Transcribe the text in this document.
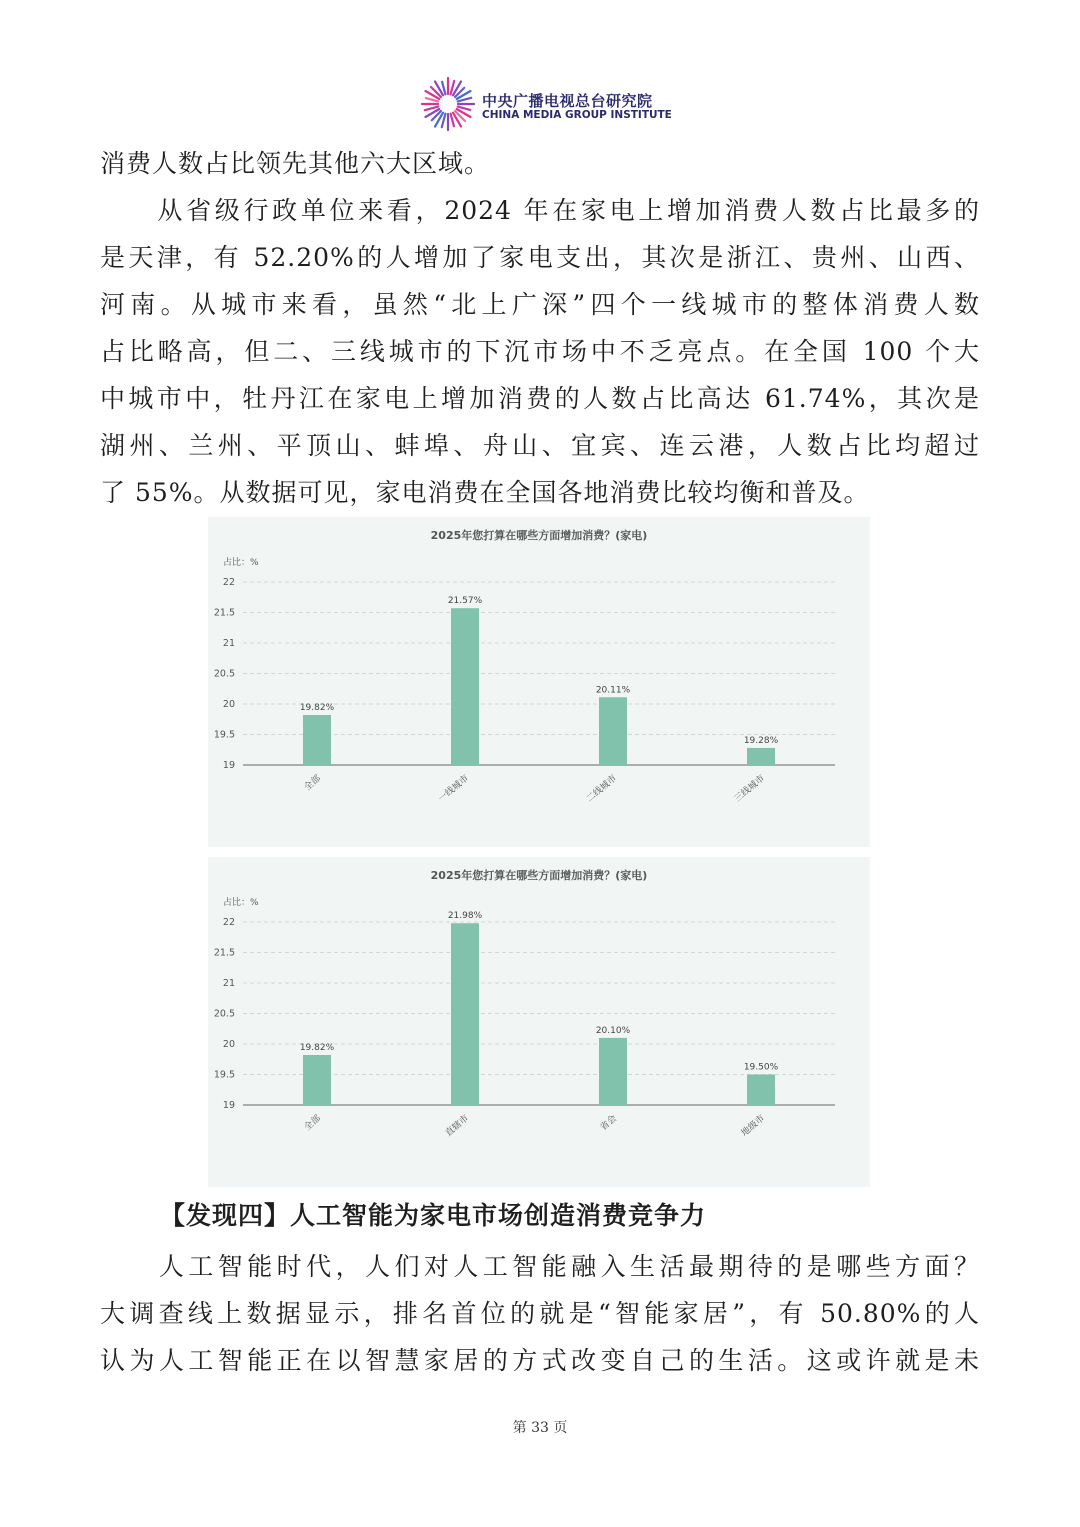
中央广播电视总台研究院
CHINA MEDIA GROUP INSTITUTE
消费人数占比领先其他六大区域。
　　从省级行政单位来看，2024 年在家电上增加消费人数占比最多的
是天津，有 52.20%的人增加了家电支出，其次是浙江、贵州、山西、
河南。从城市来看，虽然“北上广深”四个一线城市的整体消费人数
占比略高，但二、三线城市的下沉市场中不乏亮点。在全国 100 个大
中城市中，牡丹江在家电上增加消费的人数占比高达 61.74%，其次是
湖州、兰州、平顶山、蚌埠、舟山、宜宾、连云港，人数占比均超过
了 55%。从数据可见，家电消费在全国各地消费比较均衡和普及。
2025年您打算在哪些方面增加消费？(家电)
占比：%
22
21.5
21
20.5
20
19.5
19
19.82%
全部
21.57%
一线城市
20.11%
二线城市
19.28%
三线城市
2025年您打算在哪些方面增加消费？(家电)
占比：%
22
21.5
21
20.5
20
19.5
19
19.82%
全部
21.98%
直辖市
20.10%
省会
19.50%
地级市
【发现四】人工智能为家电市场创造消费竞争力
　　人工智能时代，人们对人工智能融入生活最期待的是哪些方面？
大调查线上数据显示，排名首位的就是“智能家居”，有 50.80%的人
认为人工智能正在以智慧家居的方式改变自己的生活。这或许就是未
第 33 页
